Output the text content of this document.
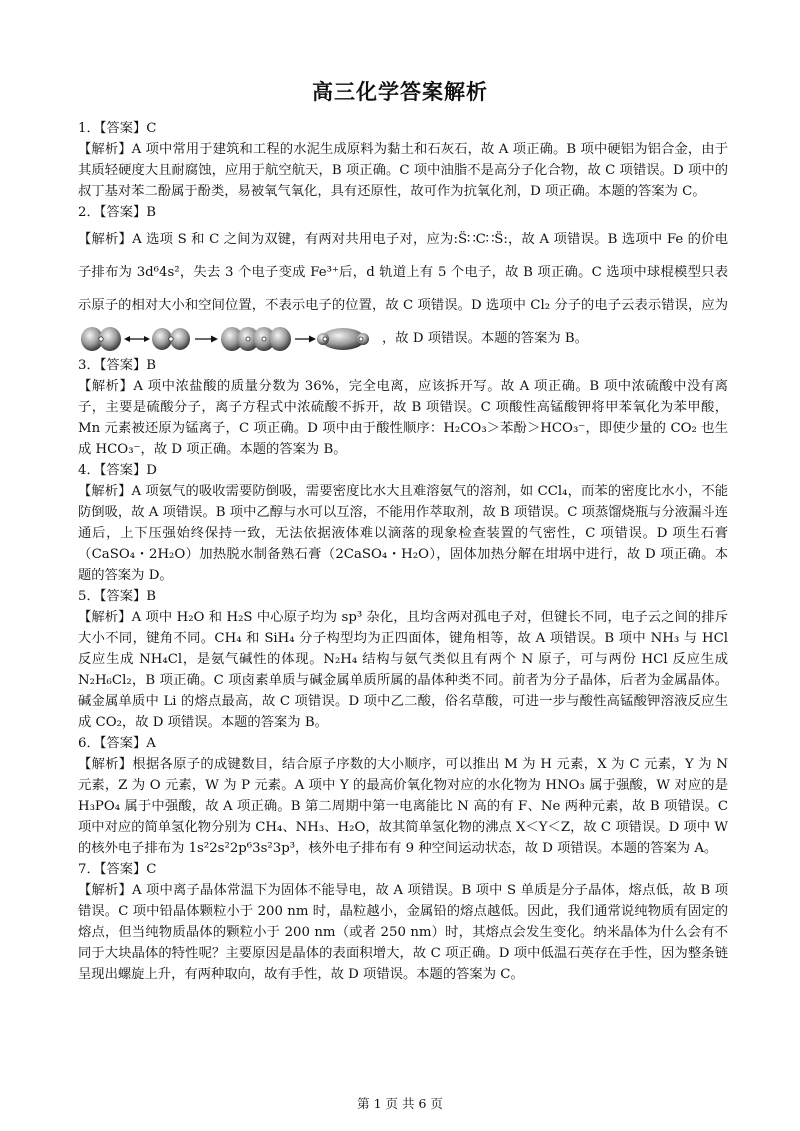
高三化学答案解析

1．【答案】C

【解析】A 项中常用于建筑和工程的水泥生成原料为黏土和石灰石，故 A 项正确。B 项中硬铝为铝合金，由于其质轻硬度大且耐腐蚀，应用于航空航天，B 项正确。C 项中油脂不是高分子化合物，故 C 项错误。D 项中的叔丁基对苯二酚属于酚类，易被氧气氧化，具有还原性，故可作为抗氧化剂，D 项正确。本题的答案为 C。

2．【答案】B

【解析】A 选项 S 和 C 之间为双键，有两对共用电子对，应为:S̈∷C∷S̈:，故 A 项错误。B 选项中 Fe 的价电子排布为 3d⁶4s²，失去 3 个电子变成 Fe³⁺后，d 轨道上有 5 个电子，故 B 项正确。C 选项中球棍模型只表示原子的相对大小和空间位置，不表示电子的位置，故 C 项错误。D 选项中 Cl₂ 分子的电子云表示错误，应为，故 D 项错误。本题的答案为 B。

3．【答案】B

【解析】A 项中浓盐酸的质量分数为 36%，完全电离，应该拆开写。故 A 项正确。B 项中浓硫酸中没有离子，主要是硫酸分子，离子方程式中浓硫酸不拆开，故 B 项错误。C 项酸性高锰酸钾将甲苯氧化为苯甲酸，Mn 元素被还原为锰离子，C 项正确。D 项中由于酸性顺序：H₂CO₃＞苯酚＞HCO₃⁻，即使少量的 CO₂ 也生成 HCO₃⁻，故 D 项正确。本题的答案为 B。

4．【答案】D

【解析】A 项氨气的吸收需要防倒吸，需要密度比水大且难溶氨气的溶剂，如 CCl₄，而苯的密度比水小，不能防倒吸，故 A 项错误。B 项中乙醇与水可以互溶，不能用作萃取剂，故 B 项错误。C 项蒸馏烧瓶与分液漏斗连通后，上下压强始终保持一致，无法依据液体难以滴落的现象检查装置的气密性，C 项错误。D 项生石膏（CaSO₄・2H₂O）加热脱水制备熟石膏（2CaSO₄・H₂O），固体加热分解在坩埚中进行，故 D 项正确。本题的答案为 D。

5．【答案】B

【解析】A 项中 H₂O 和 H₂S 中心原子均为 sp³ 杂化，且均含两对孤电子对，但键长不同，电子云之间的排斥大小不同，键角不同。CH₄ 和 SiH₄ 分子构型均为正四面体，键角相等，故 A 项错误。B 项中 NH₃ 与 HCl 反应生成 NH₄Cl，是氨气碱性的体现。N₂H₄ 结构与氨气类似且有两个 N 原子，可与两份 HCl 反应生成 N₂H₆Cl₂，B 项正确。C 项卤素单质与碱金属单质所属的晶体种类不同。前者为分子晶体，后者为金属晶体。碱金属单质中 Li 的熔点最高，故 C 项错误。D 项中乙二酸，俗名草酸，可进一步与酸性高锰酸钾溶液反应生成 CO₂，故 D 项错误。本题的答案为 B。

6．【答案】A

【解析】根据各原子的成键数目，结合原子序数的大小顺序，可以推出 M 为 H 元素，X 为 C 元素，Y 为 N 元素，Z 为 O 元素，W 为 P 元素。A 项中 Y 的最高价氧化物对应的水化物为 HNO₃ 属于强酸，W 对应的是 H₃PO₄ 属于中强酸，故 A 项正确。B 第二周期中第一电离能比 N 高的有 F、Ne 两种元素，故 B 项错误。C 项中对应的简单氢化物分别为 CH₄、NH₃、H₂O，故其简单氢化物的沸点 X＜Y＜Z，故 C 项错误。D 项中 W 的核外电子排布为 1s²2s²2p⁶3s²3p³，核外电子排布有 9 种空间运动状态，故 D 项错误。本题的答案为 A。

7．【答案】C

【解析】A 项中离子晶体常温下为固体不能导电，故 A 项错误。B 项中 S 单质是分子晶体，熔点低，故 B 项错误。C 项中铅晶体颗粒小于 200 nm 时，晶粒越小，金属铅的熔点越低。因此，我们通常说纯物质有固定的熔点，但当纯物质晶体的颗粒小于 200 nm（或者 250 nm）时，其熔点会发生变化。纳米晶体为什么会有不同于大块晶体的特性呢？主要原因是晶体的表面积增大，故 C 项正确。D 项中低温石英存在手性，因为整条链呈现出螺旋上升，有两种取向，故有手性，故 D 项错误。本题的答案为 C。

第 1 页 共 6 页
